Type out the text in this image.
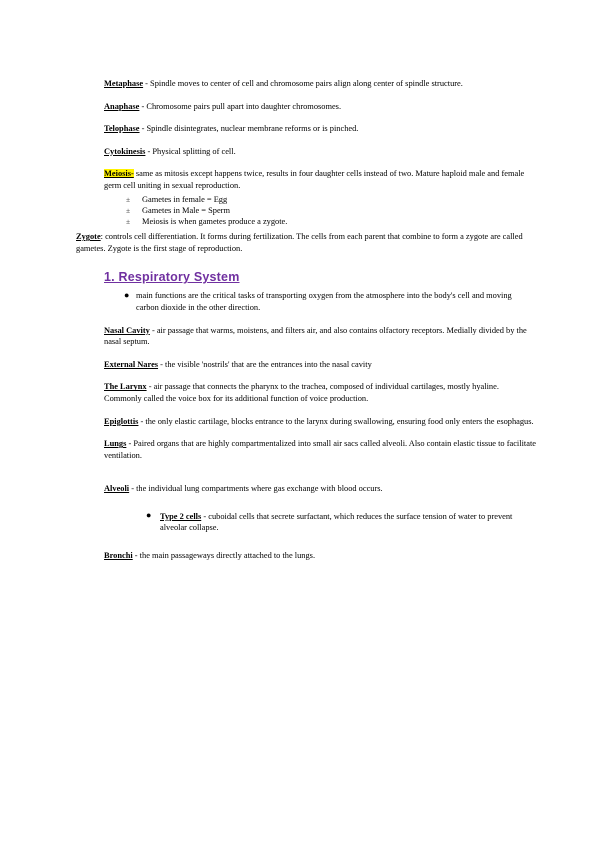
Metaphase - Spindle moves to center of cell and chromosome pairs align along center of spindle structure.

Anaphase - Chromosome pairs pull apart into daughter chromosomes.

Telophase - Spindle disintegrates, nuclear membrane reforms or is pinched.

Cytokinesis - Physical splitting of cell.

Meiosis- same as mitosis except happens twice, results in four daughter cells instead of two. Mature haploid male and female germ cell uniting in sexual reproduction.

± Gametes in female = Egg
± Gametes in Male = Sperm
± Meiosis is when gametes produce a zygote.

Zygote: controls cell differentiation. It forms during fertilization. The cells from each parent that combine to form a zygote are called gametes. Zygote is the first stage of reproduction.

1. Respiratory System
● main functions are the critical tasks of transporting oxygen from the atmosphere into the body's cell and moving carbon dioxide in the other direction.

Nasal Cavity - air passage that warms, moistens, and filters air, and also contains olfactory receptors. Medially divided by the nasal septum.

External Nares - the visible 'nostrils' that are the entrances into the nasal cavity

The Larynx - air passage that connects the pharynx to the trachea, composed of individual cartilages, mostly hyaline. Commonly called the voice box for its additional function of voice production.

Epiglottis - the only elastic cartilage, blocks entrance to the larynx during swallowing, ensuring food only enters the esophagus.

Lungs - Paired organs that are highly compartmentalized into small air sacs called alveoli. Also contain elastic tissue to facilitate ventilation.

Alveoli - the individual lung compartments where gas exchange with blood occurs.

● Type 2 cells - cuboidal cells that secrete surfactant, which reduces the surface tension of water to prevent alveolar collapse.

Bronchi - the main passageways directly attached to the lungs.
